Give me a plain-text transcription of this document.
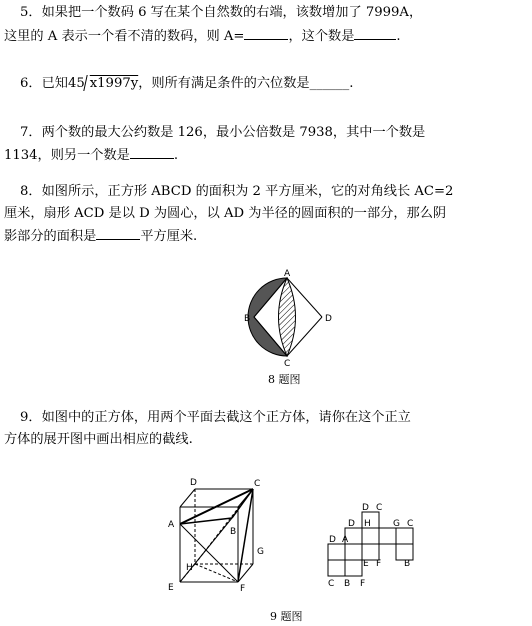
5．如果把一个数码 6 写在某个自然数的右端，该数增加了 7999A，
这里的 A 表示一个看不清的数码，则 A=	，这个数是	.
6．已知45 x1997y，则所有满足条件的六位数是______.
7．两个数的最大公约数是 126，最小公倍数是 7938，其中一个数是
1134，则另一个数是	.
8．如图所示，正方形 ABCD 的面积为 2 平方厘米，它的对角线长 AC=2
厘米，扇形 ACD 是以 D 为圆心，以 AD 为半径的圆面积的一部分，那么阴
影部分的面积是	平方厘米.
A
B
C
D
8 题图
9．如图中的正方体，用两个平面去截这个正方体，请你在这个正立
方体的展开图中画出相应的截线.
D	C
A
B
G
H
E	F
D C
D H G C
D A
E F	B
C B F
9 题图
